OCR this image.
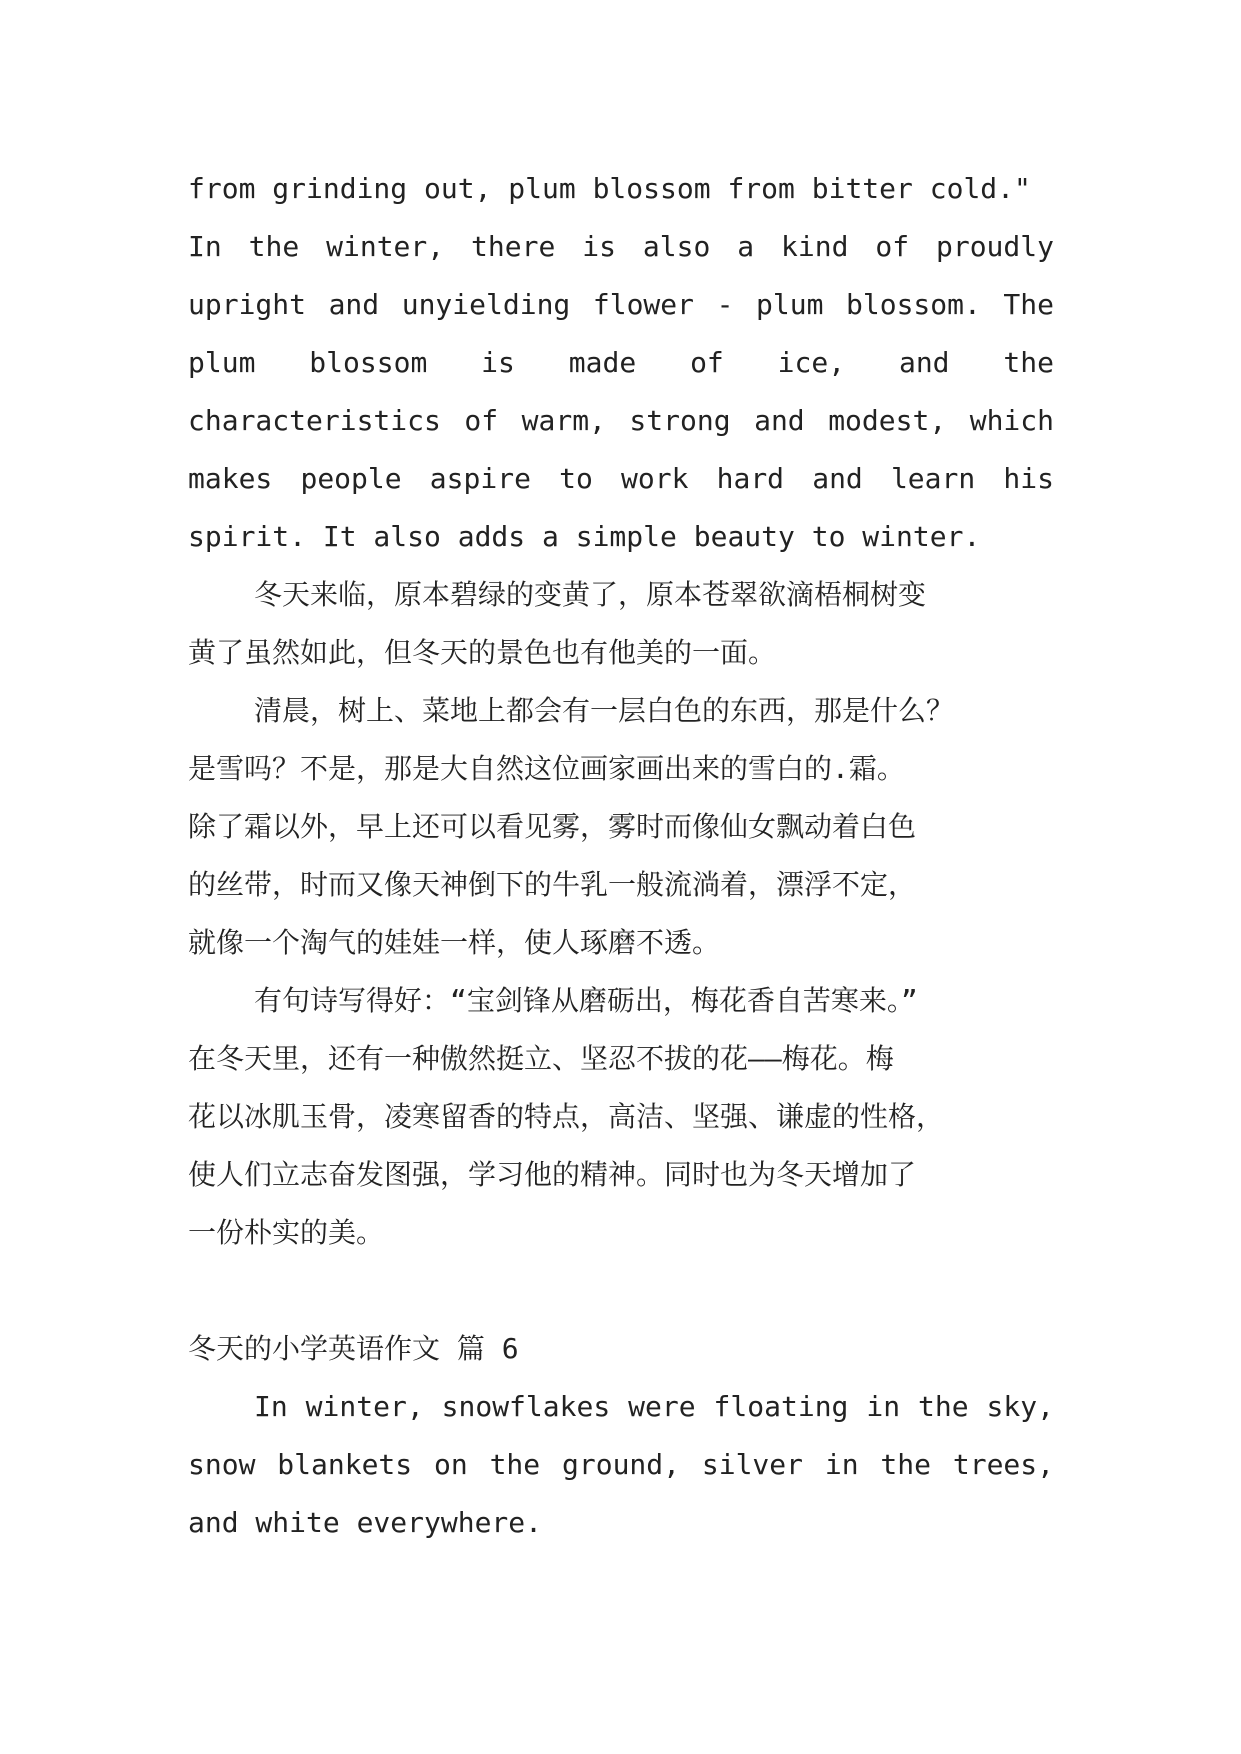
from grinding out, plum blossom from bitter cold."
In the winter, there is also a kind of proudly
upright and unyielding flower - plum blossom. The
plum blossom is made of ice, and the
characteristics of warm, strong and modest, which
makes people aspire to work hard and learn his
spirit. It also adds a simple beauty to winter.
冬天来临，原本碧绿的变黄了，原本苍翠欲滴梧桐树变
黄了虽然如此，但冬天的景色也有他美的一面。
清晨，树上、菜地上都会有一层白色的东西，那是什么？
是雪吗？不是，那是大自然这位画家画出来的雪白的.霜。
除了霜以外，早上还可以看见雾，雾时而像仙女飘动着白色
的丝带，时而又像天神倒下的牛乳一般流淌着，漂浮不定，
就像一个淘气的娃娃一样，使人琢磨不透。
有句诗写得好：“宝剑锋从磨砺出，梅花香自苦寒来。”
在冬天里，还有一种傲然挺立、坚忍不拔的花——梅花。梅
花以冰肌玉骨，凌寒留香的特点，高洁、坚强、谦虚的性格，
使人们立志奋发图强，学习他的精神。同时也为冬天增加了
一份朴实的美。
冬天的小学英语作文 篇 6
In winter, snowflakes were floating in the sky,
snow blankets on the ground, silver in the trees,
and white everywhere.
